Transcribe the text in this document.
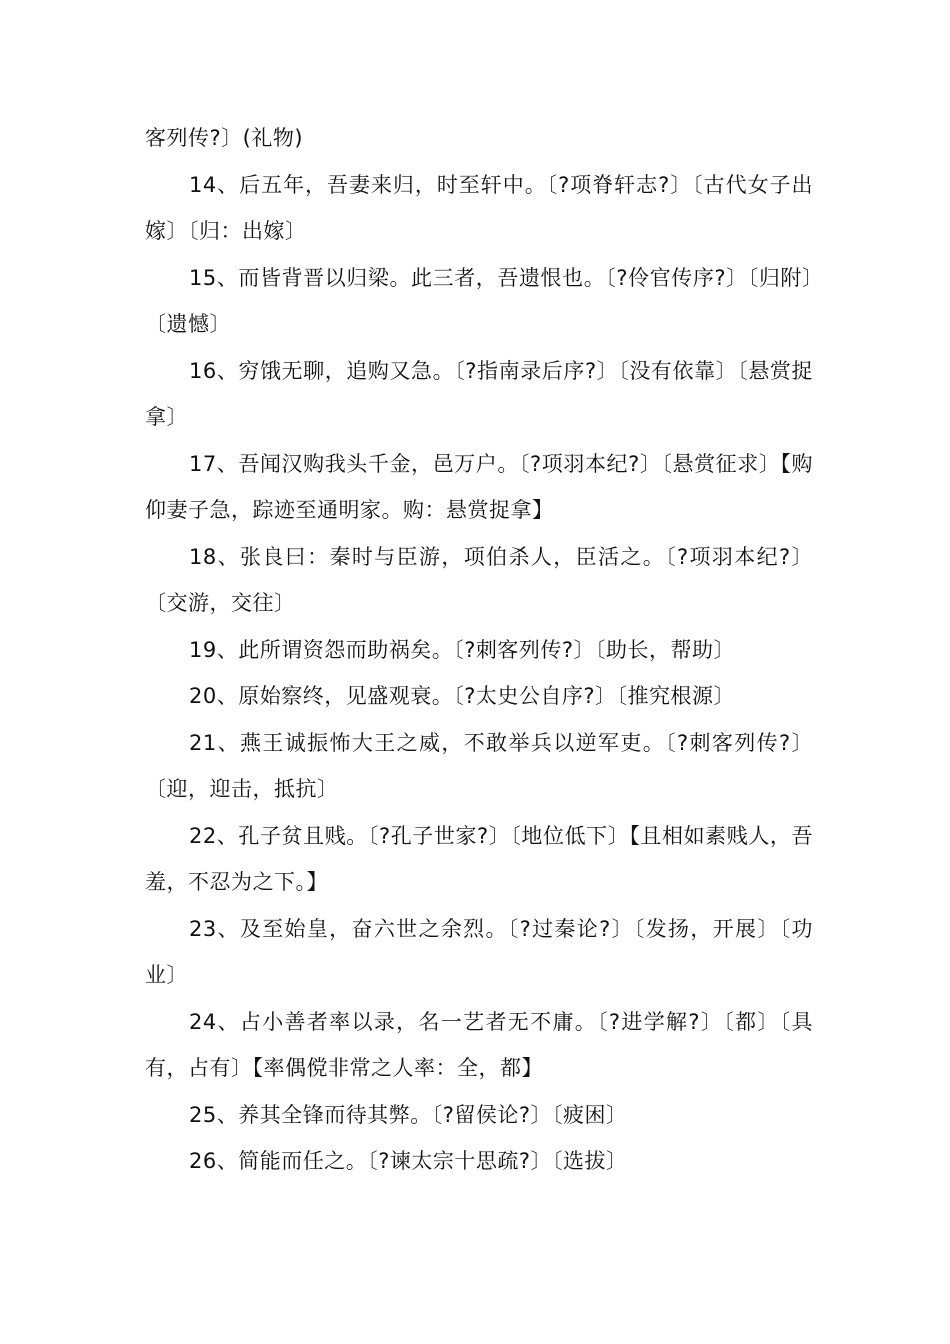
客列传?〕(礼物)

14、后五年，吾妻来归，时至轩中。〔?项脊轩志?〕〔古代女子出嫁〕〔归：出嫁〕

15、而皆背晋以归梁。此三者，吾遗恨也。〔?伶官传序?〕〔归附〕〔遗憾〕

16、穷饿无聊，追购又急。〔?指南录后序?〕〔没有依靠〕〔悬赏捉拿〕

17、吾闻汉购我头千金，邑万户。〔?项羽本纪?〕〔悬赏征求〕【购仰妻子急，踪迹至通明家。购：悬赏捉拿】

18、张良曰：秦时与臣游，项伯杀人，臣活之。〔?项羽本纪?〕〔交游，交往〕

19、此所谓资怨而助祸矣。〔?刺客列传?〕〔助长，帮助〕

20、原始察终，见盛观衰。〔?太史公自序?〕〔推究根源〕

21、燕王诚振怖大王之威，不敢举兵以逆军吏。〔?刺客列传?〕〔迎，迎击，抵抗〕

22、孔子贫且贱。〔?孔子世家?〕〔地位低下〕【且相如素贱人，吾羞，不忍为之下。】

23、及至始皇，奋六世之余烈。〔?过秦论?〕〔发扬，开展〕〔功业〕

24、占小善者率以录，名一艺者无不庸。〔?进学解?〕〔都〕〔具有，占有〕【率偶傥非常之人率：全，都】

25、养其全锋而待其弊。〔?留侯论?〕〔疲困〕

26、简能而任之。〔?谏太宗十思疏?〕〔选拔〕
